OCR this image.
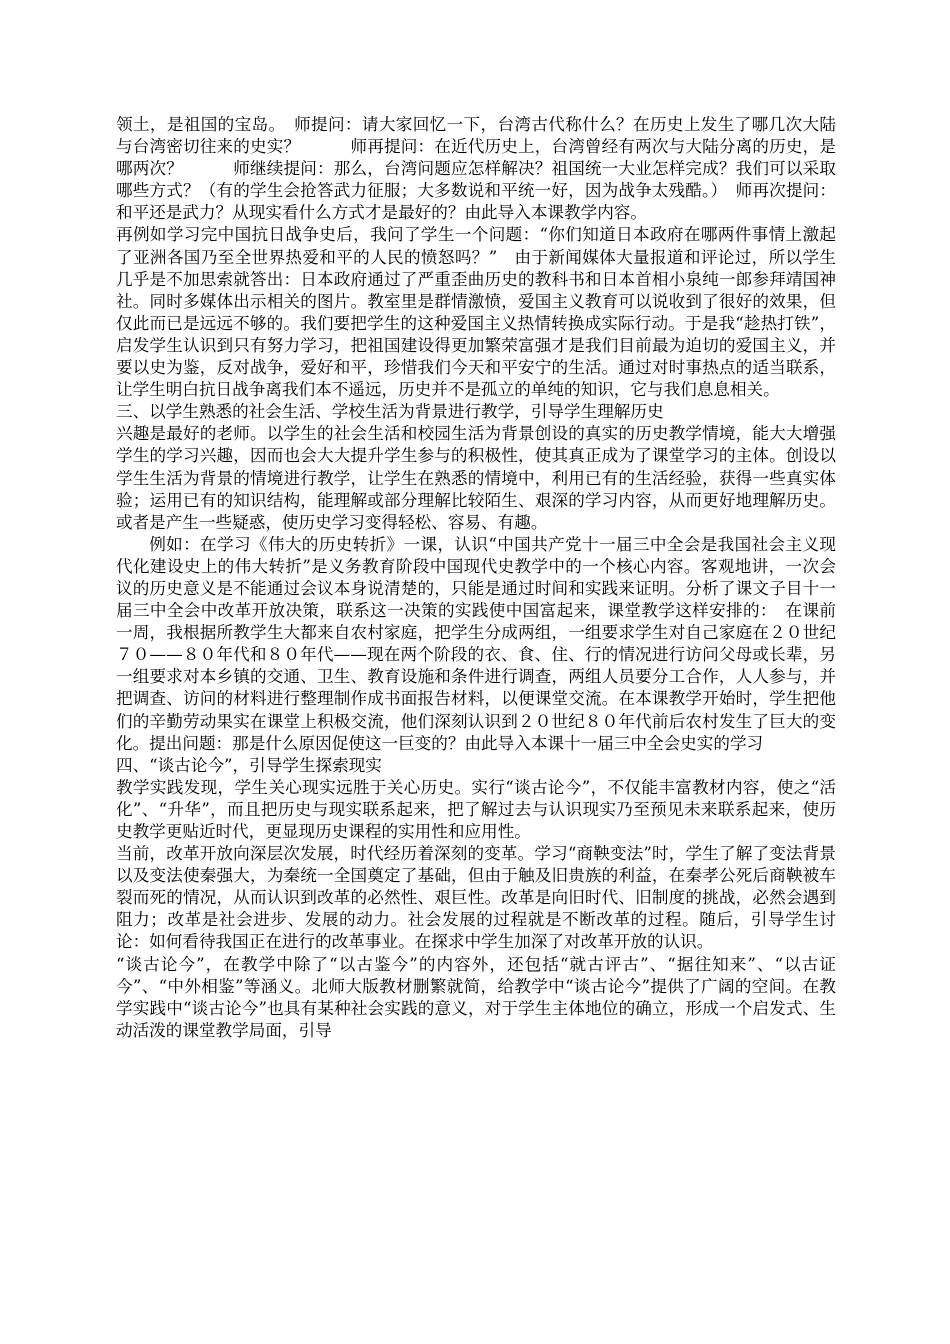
领土，是祖国的宝岛。　师提问：请大家回忆一下，台湾古代称什么？在历史上发生了哪几次大陆与台湾密切往来的史实？　　　师再提问：在近代历史上，台湾曾经有两次与大陆分离的历史，是哪两次？　　　师继续提问：那么，台湾问题应怎样解决？祖国统一大业怎样完成？我们可以采取哪些方式？（有的学生会抢答武力征服；大多数说和平统一好，因为战争太残酷。）　师再次提问：和平还是武力？从现实看什么方式才是最好的？由此导入本课教学内容。

再例如学习完中国抗日战争史后，我问了学生一个问题：“你们知道日本政府在哪两件事情上激起了亚洲各国乃至全世界热爱和平的人民的愤怒吗？”　由于新闻媒体大量报道和评论过，所以学生几乎是不加思索就答出：日本政府通过了严重歪曲历史的教科书和日本首相小泉纯一郎参拜靖国神社。同时多媒体出示相关的图片。教室里是群情激愤，爱国主义教育可以说收到了很好的效果，但仅此而已是远远不够的。我们要把学生的这种爱国主义热情转换成实际行动。于是我“趁热打铁”，启发学生认识到只有努力学习，把祖国建设得更加繁荣富强才是我们目前最为迫切的爱国主义，并要以史为鉴，反对战争，爱好和平，珍惜我们今天和平安宁的生活。通过对时事热点的适当联系，让学生明白抗日战争离我们本不遥远，历史并不是孤立的单纯的知识，它与我们息息相关。

三、以学生熟悉的社会生活、学校生活为背景进行教学，引导学生理解历史

兴趣是最好的老师。以学生的社会生活和校园生活为背景创设的真实的历史教学情境，能大大增强学生的学习兴趣，因而也会大大提升学生参与的积极性，使其真正成为了课堂学习的主体。创设以学生生活为背景的情境进行教学，让学生在熟悉的情境中，利用已有的生活经验，获得一些真实体验；运用已有的知识结构，能理解或部分理解比较陌生、艰深的学习内容，从而更好地理解历史。或者是产生一些疑惑，使历史学习变得轻松、容易、有趣。

例如：在学习《伟大的历史转折》一课，认识“中国共产党十一届三中全会是我国社会主义现代化建设史上的伟大转折”是义务教育阶段中国现代史教学中的一个核心内容。客观地讲，一次会议的历史意义是不能通过会议本身说清楚的，只能是通过时间和实践来证明。分析了课文子目十一届三中全会中改革开放决策，联系这一决策的实践使中国富起来，课堂教学这样安排的：　在课前一周，我根据所教学生大都来自农村家庭，把学生分成两组，一组要求学生对自己家庭在２０世纪７０——８０年代和８０年代——现在两个阶段的衣、食、住、行的情况进行访问父母或长辈，另一组要求对本乡镇的交通、卫生、教育设施和条件进行调查，两组人员要分工合作，人人参与，并把调查、访问的材料进行整理制作成书面报告材料，以便课堂交流。在本课教学开始时，学生把他们的辛勤劳动果实在课堂上积极交流，他们深刻认识到２０世纪８０年代前后农村发生了巨大的变化。提出问题：那是什么原因促使这一巨变的？由此导入本课十一届三中全会史实的学习

四、“谈古论今”，引导学生探索现实

教学实践发现，学生关心现实远胜于关心历史。实行“谈古论今”，不仅能丰富教材内容，使之“活化”、“升华”，而且把历史与现实联系起来，把了解过去与认识现实乃至预见未来联系起来，使历史教学更贴近时代，更显现历史课程的实用性和应用性。

当前，改革开放向深层次发展，时代经历着深刻的变革。学习“商鞅变法”时，学生了解了变法背景以及变法使秦强大，为秦统一全国奠定了基础，但由于触及旧贵族的利益，在秦孝公死后商鞅被车裂而死的情况，从而认识到改革的必然性、艰巨性。改革是向旧时代、旧制度的挑战，必然会遇到阻力；改革是社会进步、发展的动力。社会发展的过程就是不断改革的过程。随后，引导学生讨论：如何看待我国正在进行的改革事业。在探求中学生加深了对改革开放的认识。

“谈古论今”，在教学中除了“以古鉴今”的内容外，还包括“就古评古”、“据往知来”、“以古证今”、“中外相鉴”等涵义。北师大版教材删繁就简，给教学中“谈古论今”提供了广阔的空间。在教学实践中“谈古论今”也具有某种社会实践的意义，对于学生主体地位的确立，形成一个启发式、生动活泼的课堂教学局面，引导
